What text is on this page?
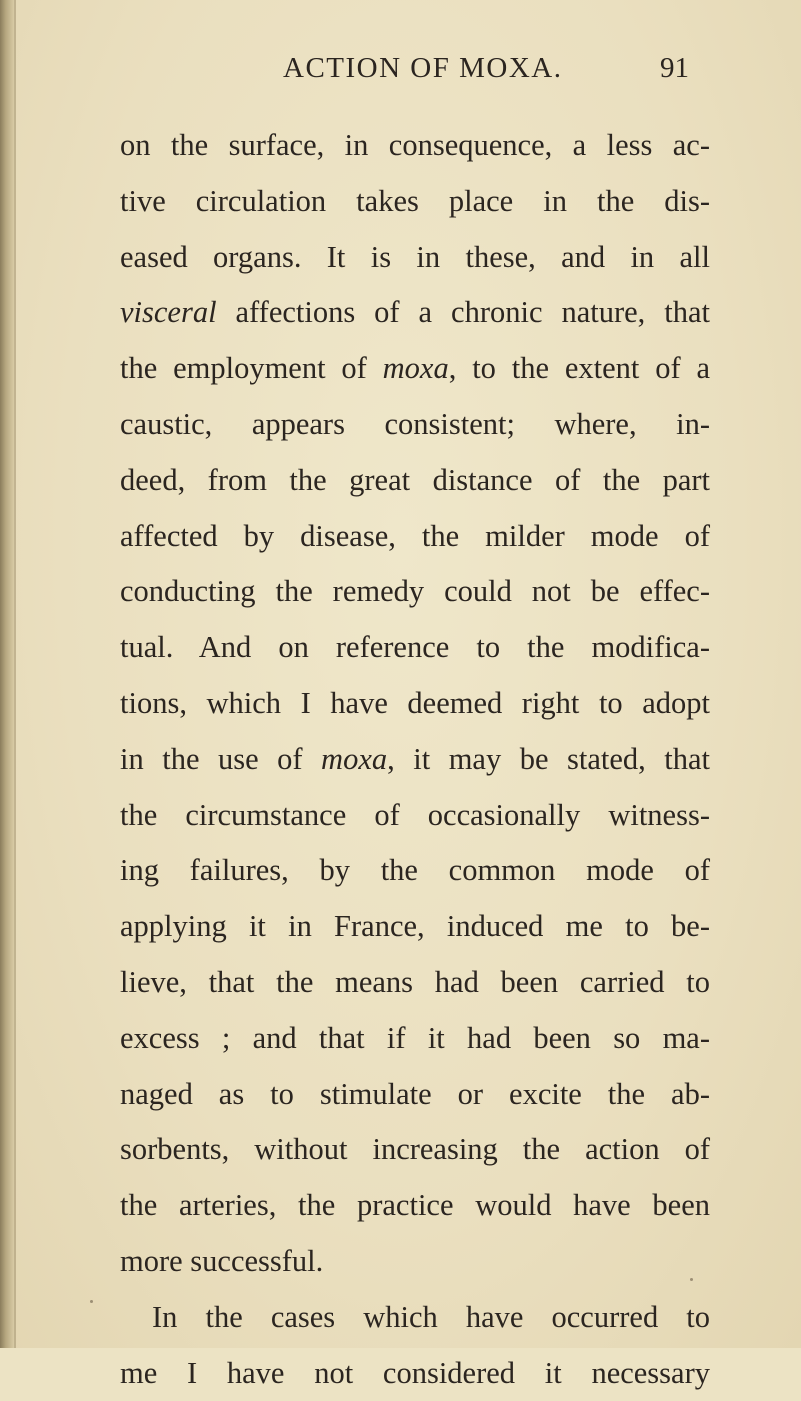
ACTION OF MOXA.	91
on the surface, in consequence, a less ac-
tive circulation takes place in the dis-
eased organs. It is in these, and in all
visceral affections of a chronic nature, that
the employment of moxa, to the extent of a
caustic, appears consistent; where, in-
deed, from the great distance of the part
affected by disease, the milder mode of
conducting the remedy could not be effec-
tual. And on reference to the modifica-
tions, which I have deemed right to adopt
in the use of moxa, it may be stated, that
the circumstance of occasionally witness-
ing failures, by the common mode of
applying it in France, induced me to be-
lieve, that the means had been carried to
excess ; and that if it had been so ma-
naged as to stimulate or excite the ab-
sorbents, without increasing the action of
the arteries, the practice would have been
more successful.
In the cases which have occurred to
me I have not considered it necessary
